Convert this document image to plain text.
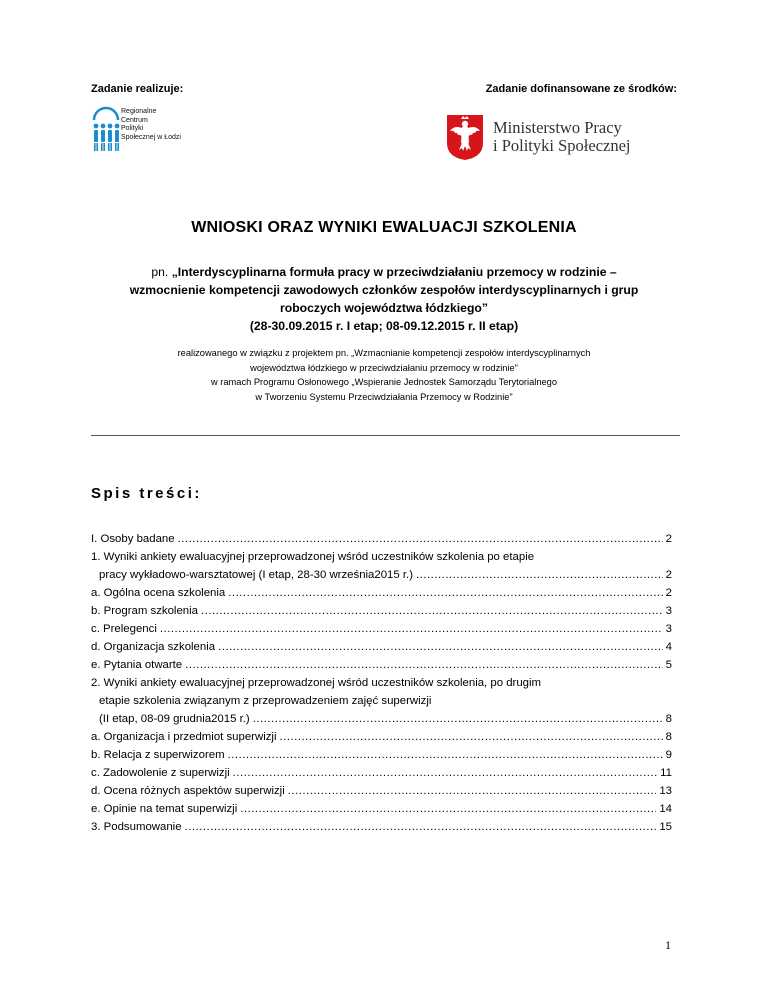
Zadanie realizuje:	Zadanie dofinansowane ze środków:
Regionalne
Centrum
Polityki
Społecznej w Łodzi	Ministerstwo Pracy
i Polityki Społecznej
WNIOSKI ORAZ WYNIKI EWALUACJI SZKOLENIA
pn. „Interdyscyplinarna formuła pracy w przeciwdziałaniu przemocy w rodzinie –
wzmocnienie kompetencji zawodowych członków zespołów interdyscyplinarnych i grup
roboczych województwa łódzkiego”
(28-30.09.2015 r. I etap; 08-09.12.2015 r. II etap)
realizowanego w związku z projektem pn. „Wzmacnianie kompetencji zespołów interdyscyplinarnych
województwa łódzkiego w przeciwdziałaniu przemocy w rodzinie”
w ramach Programu Osłonowego „Wspieranie Jednostek Samorządu Terytorialnego
w Tworzeniu Systemu Przeciwdziałania Przemocy w Rodzinie”
Spis treści:
I. Osoby badane .....	2
1. Wyniki ankiety ewaluacyjnej przeprowadzonej wśród uczestników szkolenia po etapie
pracy wykładowo-warsztatowej (I etap, 28-30 września2015 r.) .....	2
a. Ogólna ocena szkolenia .....	2
b. Program szkolenia .....	3
c. Prelegenci .....	3
d. Organizacja szkolenia .....	4
e. Pytania otwarte .....	5
2. Wyniki ankiety ewaluacyjnej przeprowadzonej wśród uczestników szkolenia, po drugim
etapie szkolenia związanym z przeprowadzeniem zajęć superwizji
(II etap, 08-09 grudnia2015 r.) .....	8
a. Organizacja i przedmiot superwizji .....	8
b. Relacja z superwizorem .....	9
c. Zadowolenie z superwizji .....	11
d. Ocena różnych aspektów superwizji .....	13
e. Opinie na temat superwizji .....	14
3. Podsumowanie .....	15
1
